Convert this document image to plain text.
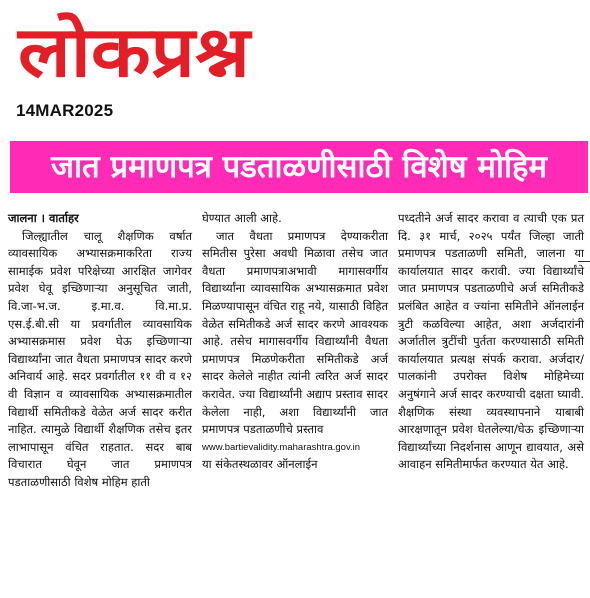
लोकप्रश्न
14MAR2025
जात प्रमाणपत्र पडताळणीसाठी विशेष मोहिम

जालना । वार्ताहर

जिल्ह्यातील चालू शैक्षणिक वर्षात व्यावसायिक अभ्यासक्रमाकरिता राज्य सामाईक प्रवेश परिक्षेच्या आरक्षित जागेवर प्रवेश घेवू इच्छिणाऱ्या अनुसूचित जाती, वि.जा-भ.ज. इ.मा.व. वि.मा.प्र. एस.ई.बी.सी या प्रवर्गातील व्यावसायिक अभ्यासक्रमास प्रवेश घेऊ इच्छिणाऱ्या विद्यार्थ्यांना जात वैधता प्रमाणपत्र सादर करणे अनिवार्य आहे. सदर प्रवर्गातील ११ वी व १२ वी विज्ञान व व्यावसायिक अभ्यासक्रमातील विद्यार्थी समितीकडे वेळेत अर्ज सादर करीत नाहित. त्यामुळे विद्यार्थी शैक्षणिक तसेच इतर लाभापासून वंचित राहतात. सदर बाब विचारात घेवून जात प्रमाणपत्र पडताळणीसाठी विशेष मोहिम हाती

घेण्यात आली आहे.

जात वैधता प्रमाणपत्र देण्याकरीता समितीस पुरेसा अवधी मिळावा तसेच जात वैधता प्रमाणपत्राअभावी मागासवर्गीय विद्यार्थ्यांना व्यावसायिक अभ्यासक्रमात प्रवेश मिळण्यापासून वंचित राहू नये, यासाठी विहित वेळेत समितीकडे अर्ज सादर करणे आवश्यक आहे. तसेच मागासवर्गीय विद्यार्थ्यांनी वैधता प्रमाणपत्र मिळणेकरीता समितीकडे अर्ज सादर केलेले नाहीत त्यांनी त्वरित अर्ज सादर करावेत. ज्या विद्यार्थ्यांनी अद्याप प्रस्ताव सादर केलेला नाही, अशा विद्यार्थ्यांनी जात प्रमाणपत्र पडताळणीचे प्रस्ताव

www.bartievalidity.maharashtra.gov.in

या संकेतस्थळावर ऑनलाईन

पध्दतीने अर्ज सादर करावा व त्याची एक प्रत दि. ३१ मार्च, २०२५ पर्यंत जिल्हा जाती प्रमाणपत्र पडताळणी समिती, जालना या कार्यालयात सादर करावी. ज्या विद्यार्थ्यांचे जात प्रमाणपत्र पडताळणीचे अर्ज समितीकडे प्रलंबित आहेत व ज्यांना समितीने ऑनलाईन त्रुटी कळविल्या आहेत, अशा अर्जदारांनी अर्जातील त्रुटींची पुर्तता करण्यासाठी समिती कार्यालयात प्रत्यक्ष संपर्क करावा. अर्जदार/पालकांनी उपरोक्त विशेष मोहिमेच्या अनुषंगाने अर्ज सादर करण्याची दक्षता घ्यावी. शैक्षणिक संस्था व्यवस्थापनाने याबाबी आरक्षणातून प्रवेश घेतलेल्या/घेऊ इच्छिणाऱ्या विद्यार्थ्यांच्या निदर्शनास आणून द्यावयात, असे आवाहन समितीमार्फत करण्यात येत आहे.
